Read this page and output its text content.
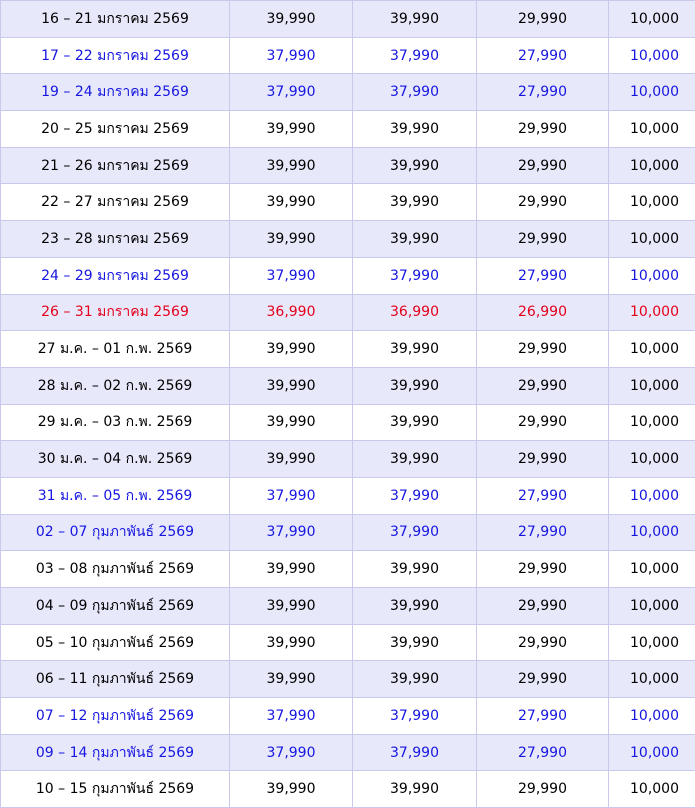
16 – 21 มกราคม 2569	39,990	39,990	29,990	10,000
17 – 22 มกราคม 2569	37,990	37,990	27,990	10,000
19 – 24 มกราคม 2569	37,990	37,990	27,990	10,000
20 – 25 มกราคม 2569	39,990	39,990	29,990	10,000
21 – 26 มกราคม 2569	39,990	39,990	29,990	10,000
22 – 27 มกราคม 2569	39,990	39,990	29,990	10,000
23 – 28 มกราคม 2569	39,990	39,990	29,990	10,000
24 – 29 มกราคม 2569	37,990	37,990	27,990	10,000
26 – 31 มกราคม 2569	36,990	36,990	26,990	10,000
27 ม.ค. – 01 ก.พ. 2569	39,990	39,990	29,990	10,000
28 ม.ค. – 02 ก.พ. 2569	39,990	39,990	29,990	10,000
29 ม.ค. – 03 ก.พ. 2569	39,990	39,990	29,990	10,000
30 ม.ค. – 04 ก.พ. 2569	39,990	39,990	29,990	10,000
31 ม.ค. – 05 ก.พ. 2569	37,990	37,990	27,990	10,000
02 – 07 กุมภาพันธ์ 2569	37,990	37,990	27,990	10,000
03 – 08 กุมภาพันธ์ 2569	39,990	39,990	29,990	10,000
04 – 09 กุมภาพันธ์ 2569	39,990	39,990	29,990	10,000
05 – 10 กุมภาพันธ์ 2569	39,990	39,990	29,990	10,000
06 – 11 กุมภาพันธ์ 2569	39,990	39,990	29,990	10,000
07 – 12 กุมภาพันธ์ 2569	37,990	37,990	27,990	10,000
09 – 14 กุมภาพันธ์ 2569	37,990	37,990	27,990	10,000
10 – 15 กุมภาพันธ์ 2569	39,990	39,990	29,990	10,000
